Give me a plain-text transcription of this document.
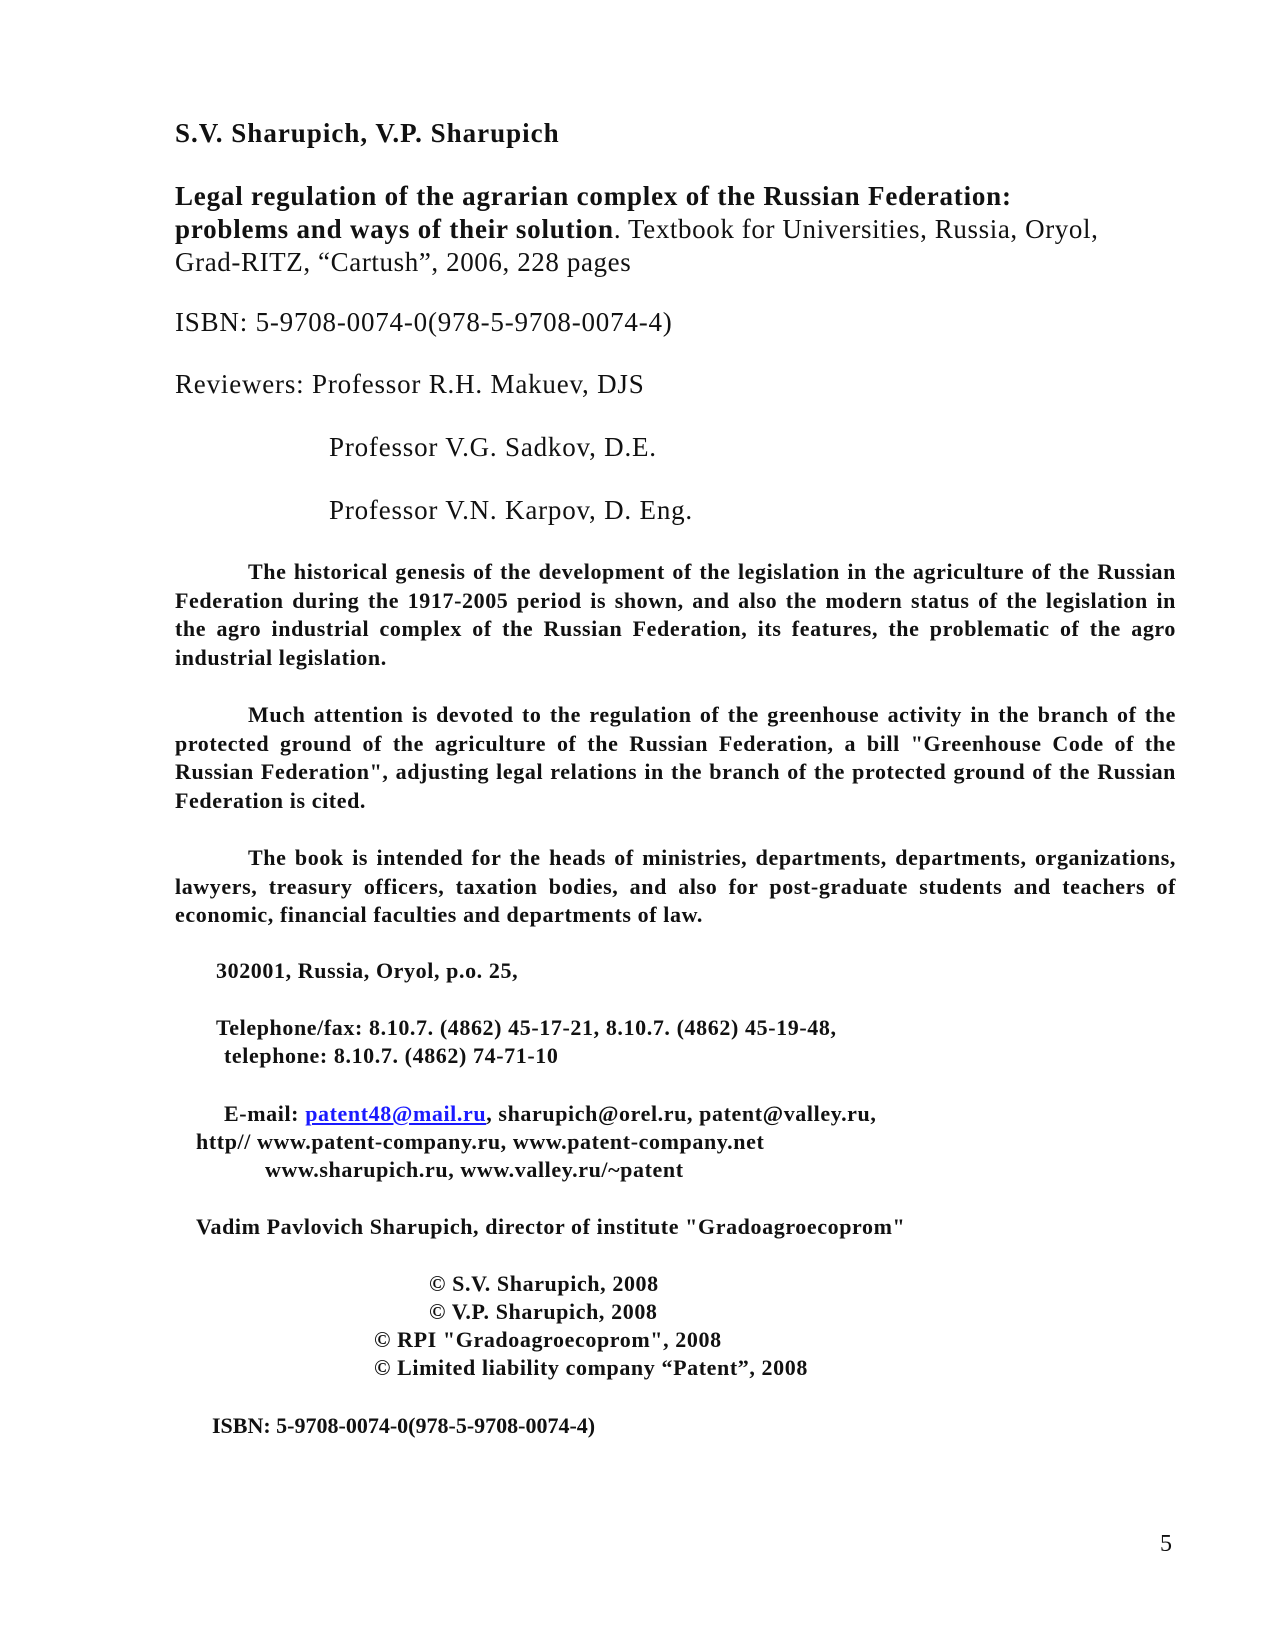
S.V. Sharupich, V.P. Sharupich
Legal regulation of the agrarian complex of the Russian Federation:
problems and ways of their solution. Textbook for Universities, Russia, Oryol, Grad-RITZ, “Cartush”, 2006, 228 pages
ISBN: 5-9708-0074-0(978-5-9708-0074-4)
Reviewers: Professor R.H. Makuev, DJS
Professor V.G. Sadkov, D.E.
Professor V.N. Karpov, D. Eng.
The historical genesis of the development of the legislation in the agriculture of the Russian Federation during the 1917-2005 period is shown, and also the modern status of the legislation in the agro industrial complex of the Russian Federation, its features, the problematic of the agro industrial legislation.
Much attention is devoted to the regulation of the greenhouse activity in the branch of the protected ground of the agriculture of the Russian Federation, a bill "Greenhouse Code of the Russian Federation", adjusting legal relations in the branch of the protected ground of the Russian Federation is cited.
The book is intended for the heads of ministries, departments, departments, organizations, lawyers, treasury officers, taxation bodies, and also for post-graduate students and teachers of economic, financial faculties and departments of law.
302001, Russia, Oryol, p.o. 25,
Telephone/fax: 8.10.7. (4862) 45-17-21, 8.10.7. (4862) 45-19-48,
telephone: 8.10.7. (4862) 74-71-10
E-mail: patent48@mail.ru, sharupich@orel.ru, patent@valley.ru,
http// www.patent-company.ru, www.patent-company.net
www.sharupich.ru, www.valley.ru/~patent
Vadim Pavlovich Sharupich, director of institute "Gradoagroecoprom"
© S.V. Sharupich, 2008
© V.P. Sharupich, 2008
© RPI "Gradoagroecoprom", 2008
© Limited liability company “Patent”, 2008
ISBN: 5-9708-0074-0(978-5-9708-0074-4)
5
